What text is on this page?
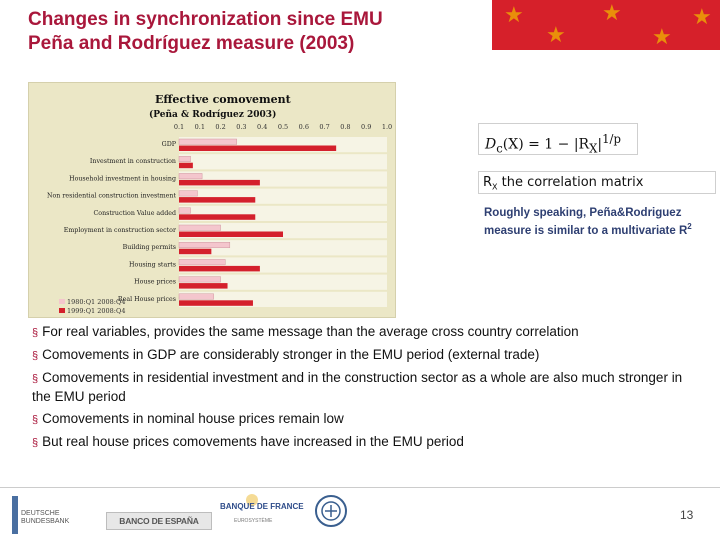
Changes in synchronization since EMU
Peña and Rodríguez measure (2003)
★
★
★
★
★
Effective comovement
(Peña & Rodríguez 2003)
0.1 0.1 0.2 0.3 0.4 0.5 0.6 0.7 0.8 0.9 1.0
GDP
Investment in construction
Household investment in housing
Non residential construction investment
Construction Value added
Employment in construction sector
Building permits
Housing starts
House prices
Real House prices
1980:Q1 2008:Q4
1999:Q1 2008:Q4
$D_c(X) = 1 - |R_X|^{1/p}$
$R_X$ the correlation matrix
Roughly speaking, Peña&Rodriguez measure is similar to a multivariate $R^2$
§ For real variables, provides the same message than the average cross country correlation
§ Comovements in GDP are considerably stronger in the EMU period (external trade)
§ Comovements in residential investment and in the construction sector as a whole are also much stronger in the EMU period
§ Comovements in nominal house prices remain low
§ But real house prices comovements have increased in the EMU period
DEUTSCHE BUNDESBANK	BANCO DE ESPAÑA
BANQUE DE FRANCE
EUROSYSTÈME	13
